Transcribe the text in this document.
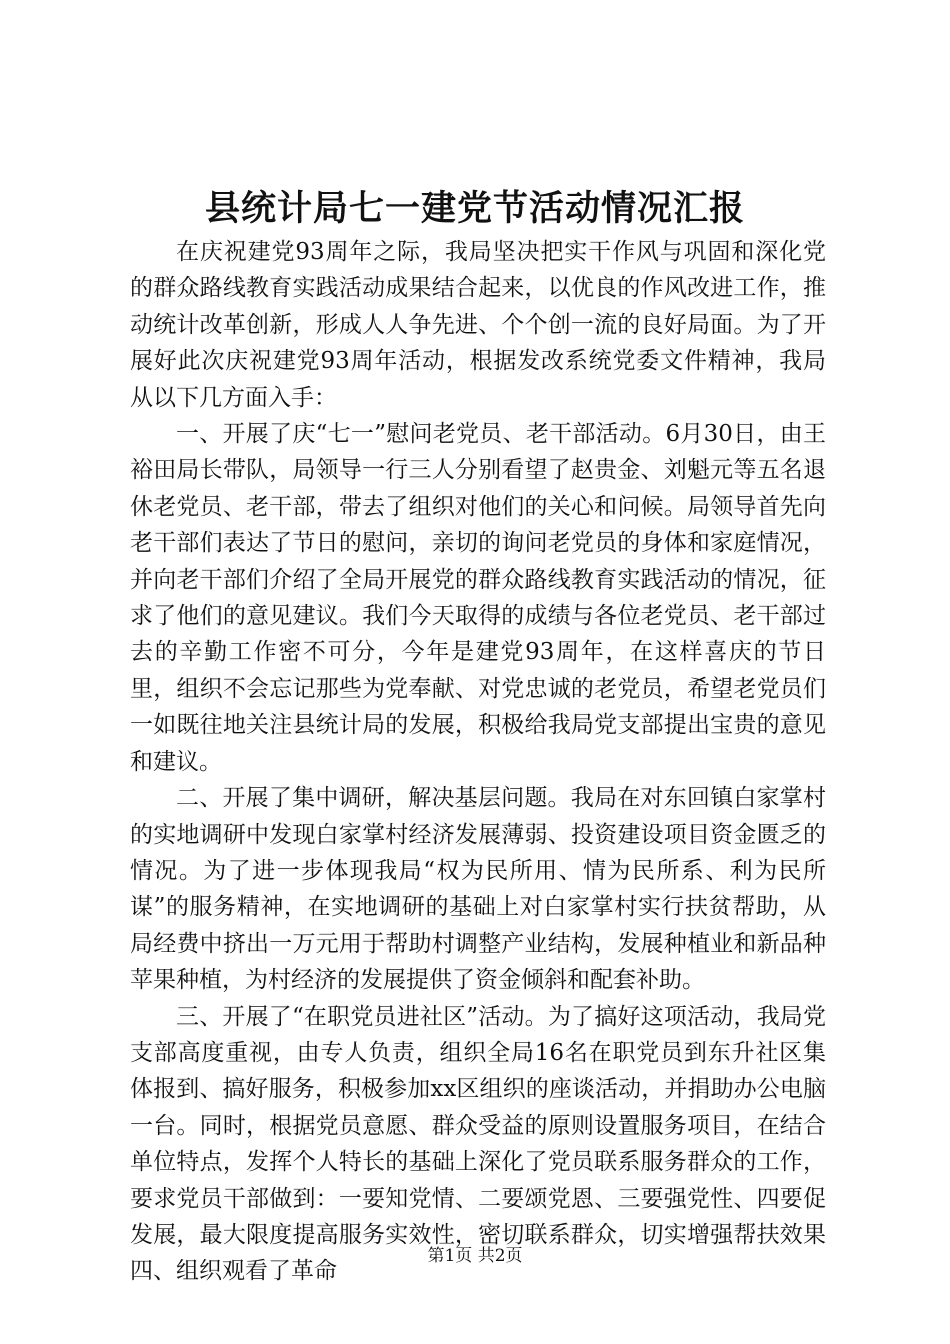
县统计局七一建党节活动情况汇报

在庆祝建党93周年之际，我局坚决把实干作风与巩固和深化党的群众路线教育实践活动成果结合起来，以优良的作风改进工作，推动统计改革创新，形成人人争先进、个个创一流的良好局面。为了开展好此次庆祝建党93周年活动，根据发改系统党委文件精神，我局从以下几方面入手：

一、开展了庆“七一”慰问老党员、老干部活动。6月30日，由王裕田局长带队，局领导一行三人分别看望了赵贵金、刘魁元等五名退休老党员、老干部，带去了组织对他们的关心和问候。局领导首先向老干部们表达了节日的慰问，亲切的询问老党员的身体和家庭情况，并向老干部们介绍了全局开展党的群众路线教育实践活动的情况，征求了他们的意见建议。我们今天取得的成绩与各位老党员、老干部过去的辛勤工作密不可分，今年是建党93周年，在这样喜庆的节日里，组织不会忘记那些为党奉献、对党忠诚的老党员，希望老党员们一如既往地关注县统计局的发展，积极给我局党支部提出宝贵的意见和建议。

二、开展了集中调研，解决基层问题。我局在对东回镇白家掌村的实地调研中发现白家掌村经济发展薄弱、投资建设项目资金匮乏的情况。为了进一步体现我局“权为民所用、情为民所系、利为民所谋”的服务精神，在实地调研的基础上对白家掌村实行扶贫帮助，从局经费中挤出一万元用于帮助村调整产业结构，发展种植业和新品种苹果种植，为村经济的发展提供了资金倾斜和配套补助。

三、开展了“在职党员进社区”活动。为了搞好这项活动，我局党支部高度重视，由专人负责，组织全局16名在职党员到东升社区集体报到、搞好服务，积极参加xx区组织的座谈活动，并捐助办公电脑一台。同时，根据党员意愿、群众受益的原则设置服务项目，在结合单位特点，发挥个人特长的基础上深化了党员联系服务群众的工作，要求党员干部做到：一要知党情、二要颂党恩、三要强党性、四要促发展，最大限度提高服务实效性，密切联系群众，切实增强帮扶效果四、组织观看了革命

第1页 共2页
